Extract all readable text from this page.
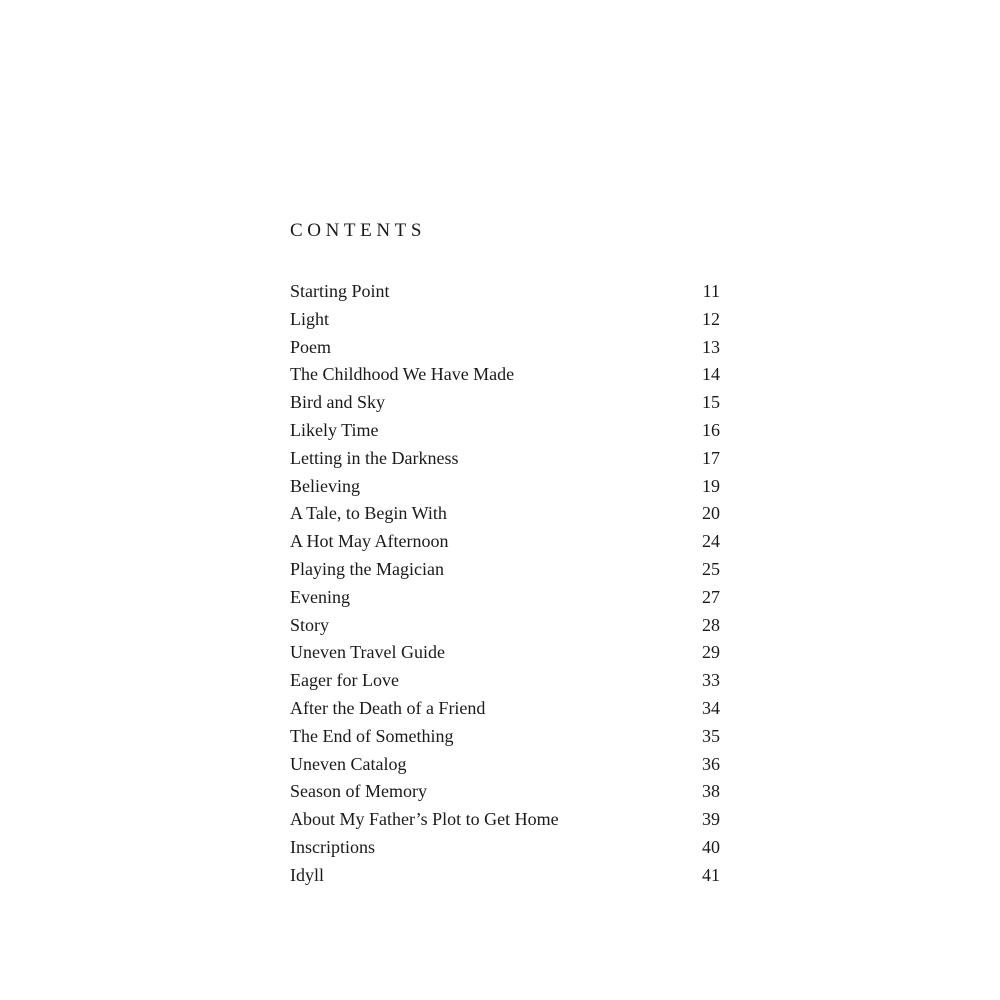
CONTENTS
Starting Point	11
Light	12
Poem	13
The Childhood We Have Made	14
Bird and Sky	15
Likely Time	16
Letting in the Darkness	17
Believing	19
A Tale, to Begin With	20
A Hot May Afternoon	24
Playing the Magician	25
Evening	27
Story	28
Uneven Travel Guide	29
Eager for Love	33
After the Death of a Friend	34
The End of Something	35
Uneven Catalog	36
Season of Memory	38
About My Father’s Plot to Get Home	39
Inscriptions	40
Idyll	41
